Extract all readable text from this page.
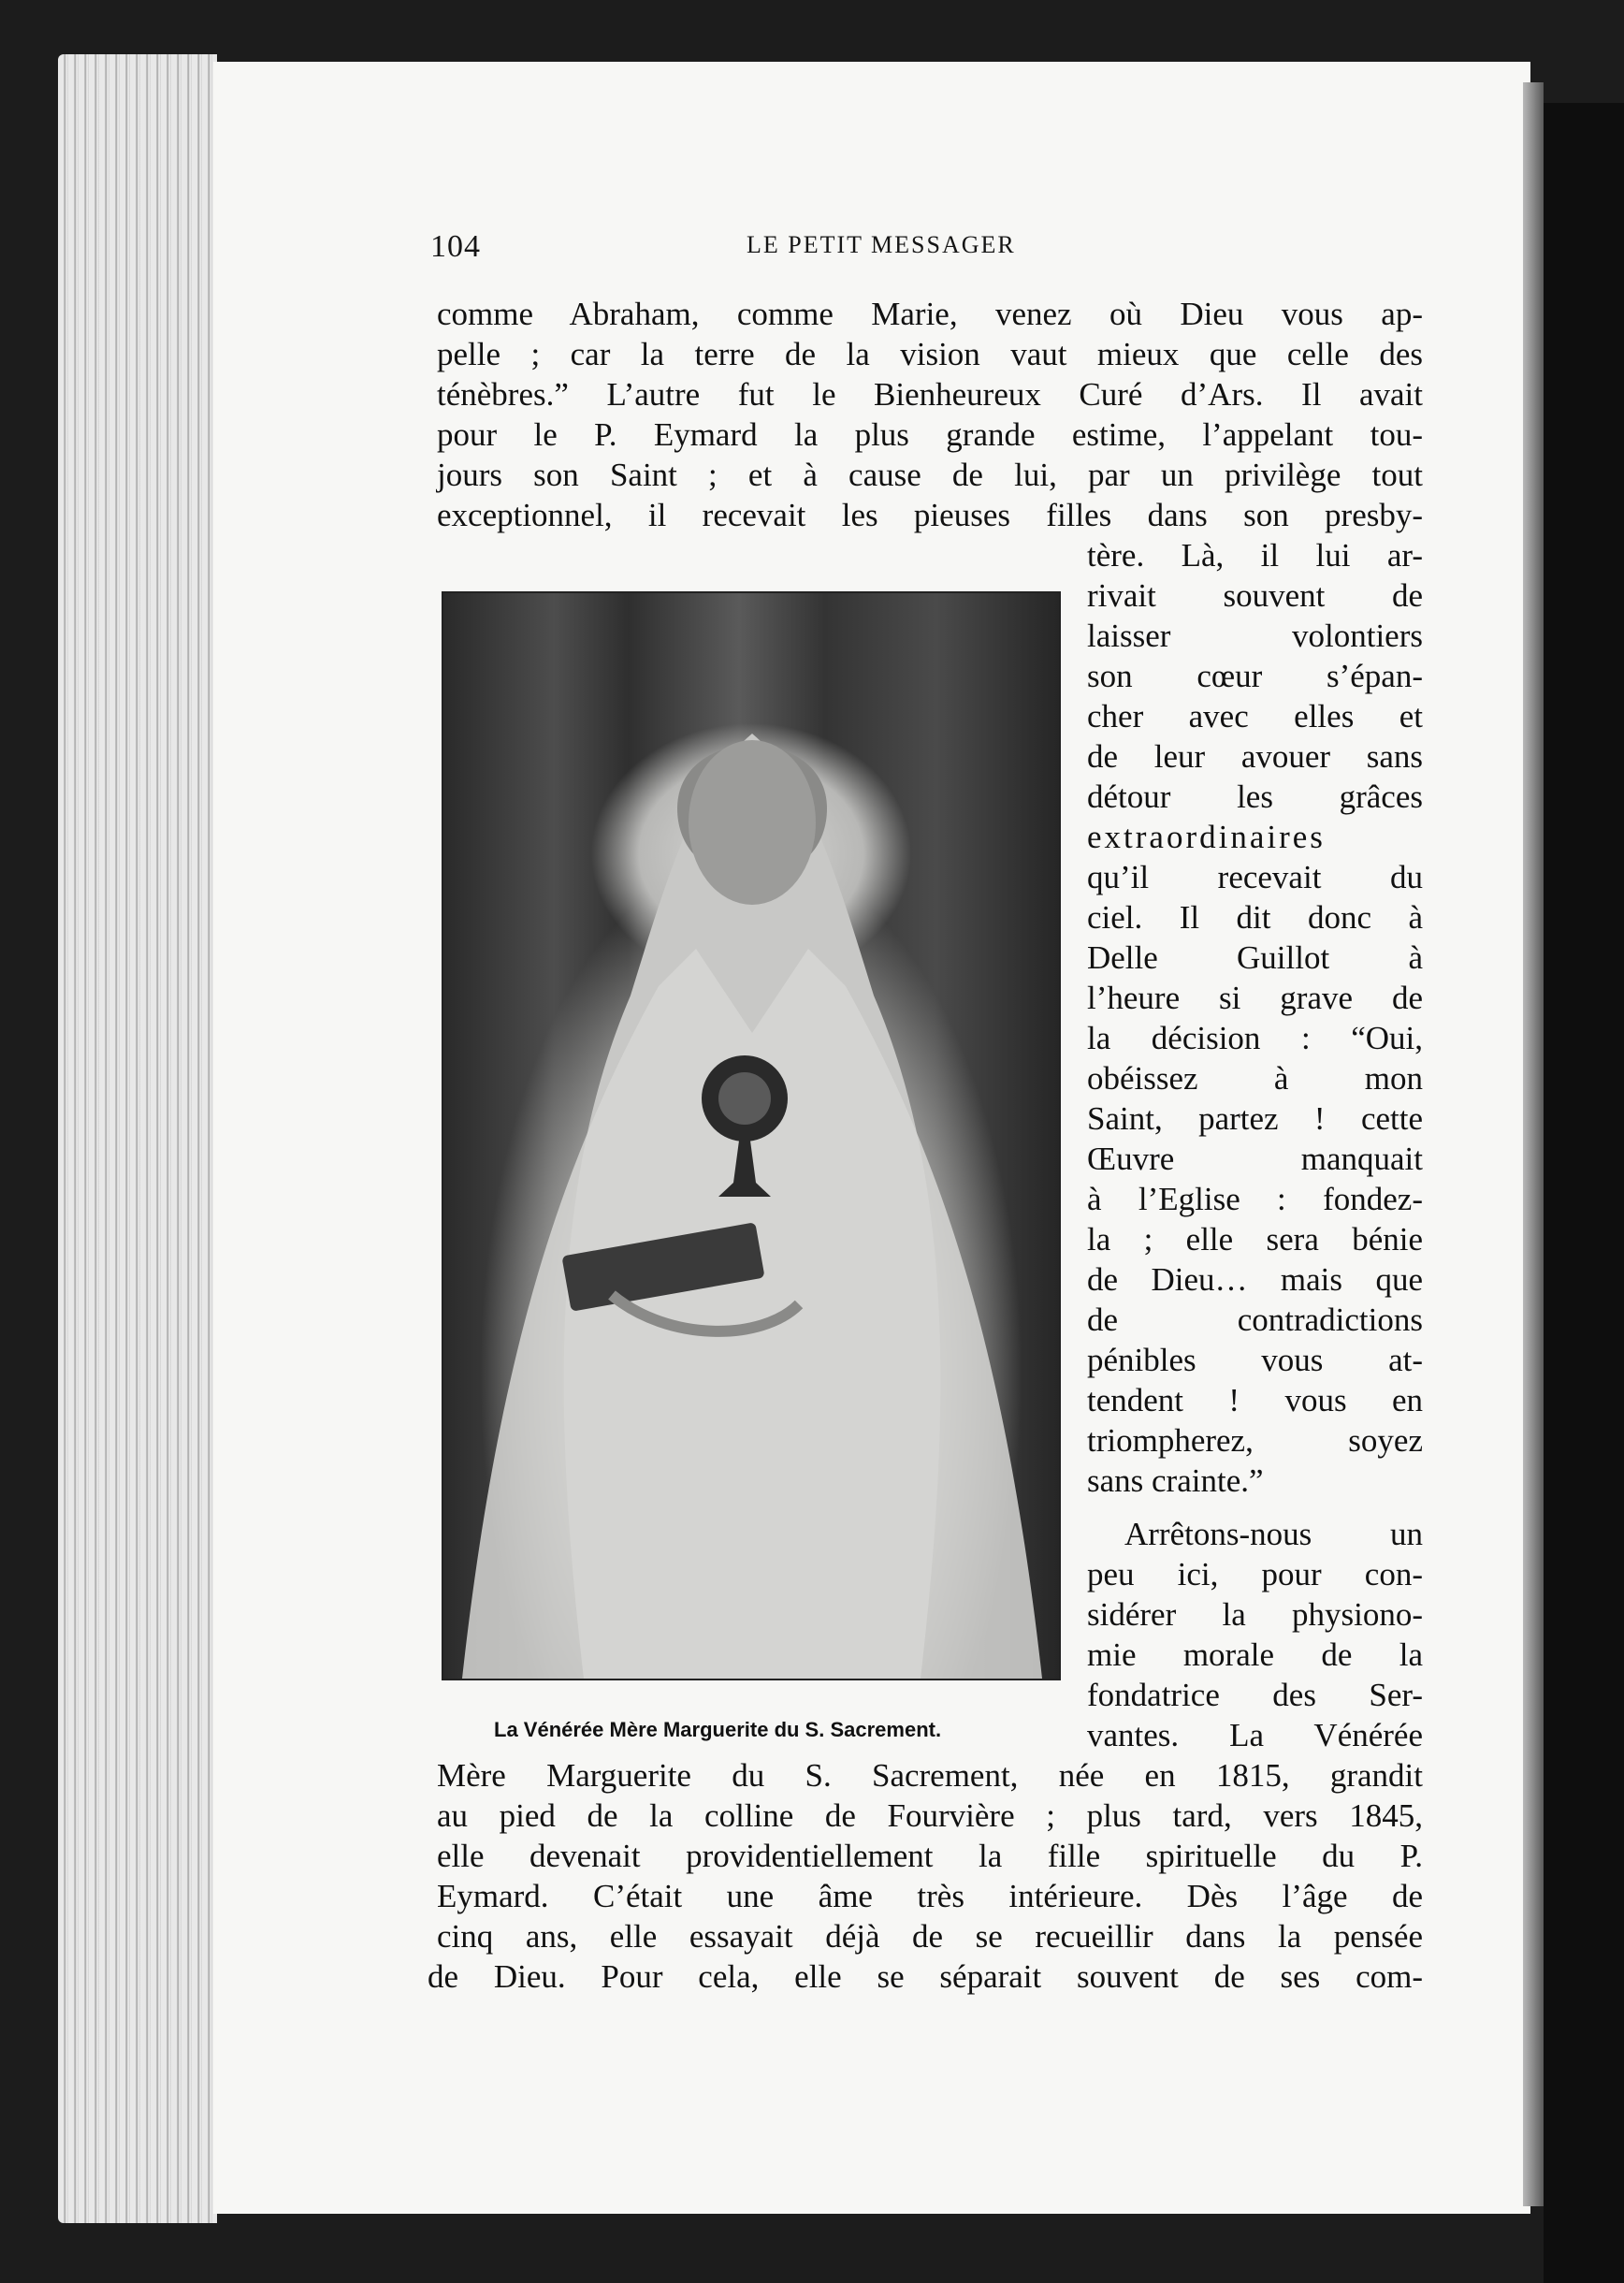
104	LE PETIT MESSAGER
comme Abraham, comme Marie, venez où Dieu vous ap-
pelle ; car la terre de la vision vaut mieux que celle des
ténèbres.” L’autre fut le Bienheureux Curé d’Ars. Il avait
pour le P. Eymard la plus grande estime, l’appelant tou-
jours son Saint ; et à cause de lui, par un privilège tout
exceptionnel, il recevait les pieuses filles dans son presby-
La Vénérée Mère Marguerite du S. Sacrement.
tère. Là, il lui ar-
rivait souvent de
laisser volontiers
son cœur s’épan-
cher avec elles et
de leur avouer sans
détour les grâces
extraordinaires
qu’il recevait du
ciel. Il dit donc à
Delle Guillot à
l’heure si grave de
la décision : “Oui,
obéissez à mon
Saint, partez ! cette
Œuvre manquait
à l’Eglise : fondez-
la ; elle sera bénie
de Dieu… mais que
de contradictions
pénibles vous at-
tendent ! vous en
triompherez, soyez
sans crainte.”
Arrêtons-nous un
peu ici, pour con-
sidérer la physiono-
mie morale de la
fondatrice des Ser-
vantes. La Vénérée
Mère Marguerite du S. Sacrement, née en 1815, grandit
au pied de la colline de Fourvière ; plus tard, vers 1845,
elle devenait providentiellement la fille spirituelle du P.
Eymard. C’était une âme très intérieure. Dès l’âge de
cinq ans, elle essayait déjà de se recueillir dans la pensée
de Dieu. Pour cela, elle se séparait souvent de ses com-
